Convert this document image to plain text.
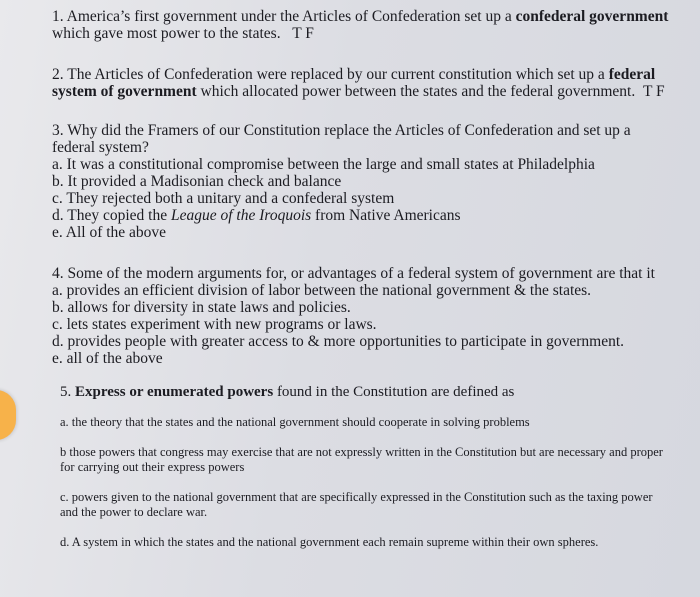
1. America’s first government under the Articles of Confederation set up a confederal government
which gave most power to the states. T F

2. The Articles of Confederation were replaced by our current constitution which set up a federal system of government which allocated power between the states and the federal government. T F

3. Why did the Framers of our Constitution replace the Articles of Confederation and set up a federal system?

a. It was a constitutional compromise between the large and small states at Philadelphia
b. It provided a Madisonian check and balance
c. They rejected both a unitary and a confederal system
d. They copied the League of the Iroquois from Native Americans
e. All of the above

4. Some of the modern arguments for, or advantages of a federal system of government are that it

a. provides an efficient division of labor between the national government & the states.
b. allows for diversity in state laws and policies.
c. lets states experiment with new programs or laws.
d. provides people with greater access to & more opportunities to participate in government.
e. all of the above

5. Express or enumerated powers found in the Constitution are defined as

a. the theory that the states and the national government should cooperate in solving problems
b those powers that congress may exercise that are not expressly written in the Constitution but are necessary and proper for carrying out their express powers
c. powers given to the national government that are specifically expressed in the Constitution such as the taxing power and the power to declare war.
d. A system in which the states and the national government each remain supreme within their own spheres.
